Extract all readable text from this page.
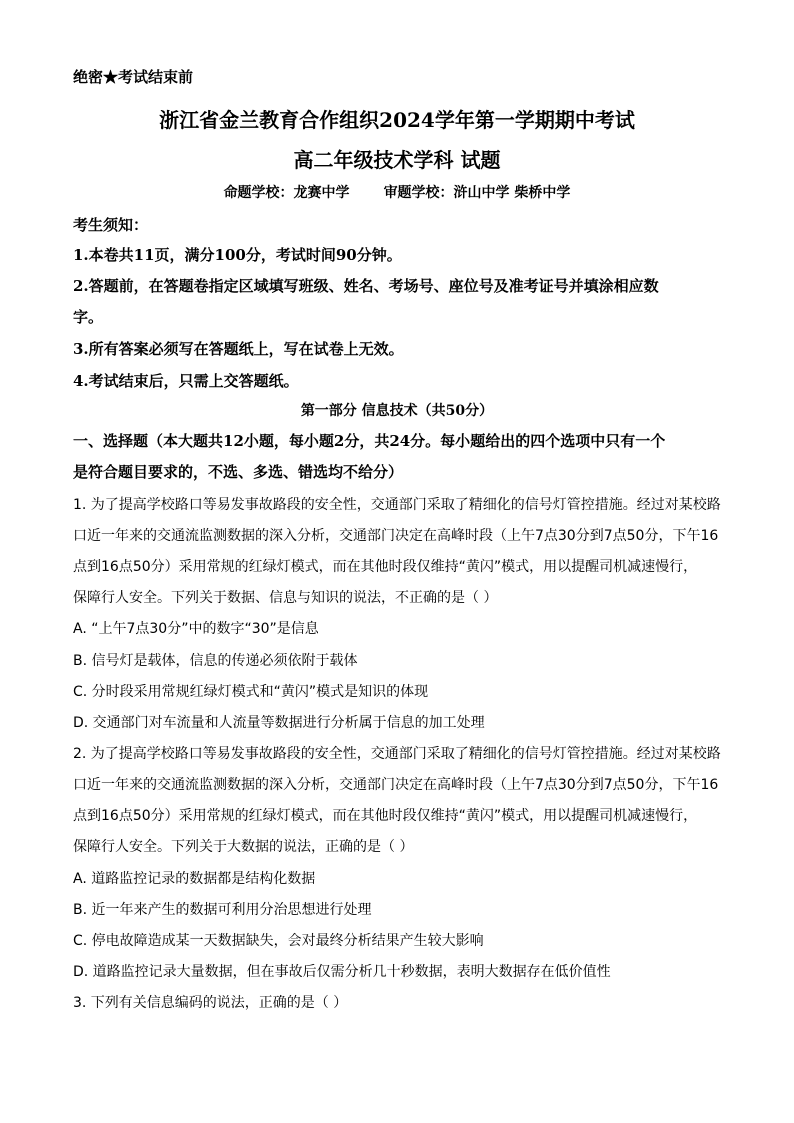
绝密★考试结束前
浙江省金兰教育合作组织2024学年第一学期期中考试
高二年级技术学科 试题
命题学校：龙赛中学 审题学校：浒山中学 柴桥中学
考生须知：
1.本卷共11页，满分100分，考试时间90分钟。
2.答题前，在答题卷指定区域填写班级、姓名、考场号、座位号及准考证号并填涂相应数
字。
3.所有答案必须写在答题纸上，写在试卷上无效。
4.考试结束后，只需上交答题纸。
第一部分 信息技术（共50分）
一、选择题（本大题共12小题，每小题2分，共24分。每小题给出的四个选项中只有一个
是符合题目要求的，不选、多选、错选均不给分）
1. 为了提高学校路口等易发事故路段的安全性，交通部门采取了精细化的信号灯管控措施。经过对某校路
口近一年来的交通流监测数据的深入分析，交通部门决定在高峰时段（上午7点30分到7点50分，下午16
点到16点50分）采用常规的红绿灯模式，而在其他时段仅维持“黄闪”模式，用以提醒司机减速慢行，
保障行人安全。下列关于数据、信息与知识的说法，不正确的是（ ）
A. “上午7点30分”中的数字“30”是信息
B. 信号灯是载体，信息的传递必须依附于载体
C. 分时段采用常规红绿灯模式和“黄闪”模式是知识的体现
D. 交通部门对车流量和人流量等数据进行分析属于信息的加工处理
2. 为了提高学校路口等易发事故路段的安全性，交通部门采取了精细化的信号灯管控措施。经过对某校路
口近一年来的交通流监测数据的深入分析，交通部门决定在高峰时段（上午7点30分到7点50分，下午16
点到16点50分）采用常规的红绿灯模式，而在其他时段仅维持“黄闪”模式，用以提醒司机减速慢行，
保障行人安全。下列关于大数据的说法，正确的是（ ）
A. 道路监控记录的数据都是结构化数据
B. 近一年来产生的数据可利用分治思想进行处理
C. 停电故障造成某一天数据缺失，会对最终分析结果产生较大影响
D. 道路监控记录大量数据，但在事故后仅需分析几十秒数据，表明大数据存在低价值性
3. 下列有关信息编码的说法，正确的是（ ）
